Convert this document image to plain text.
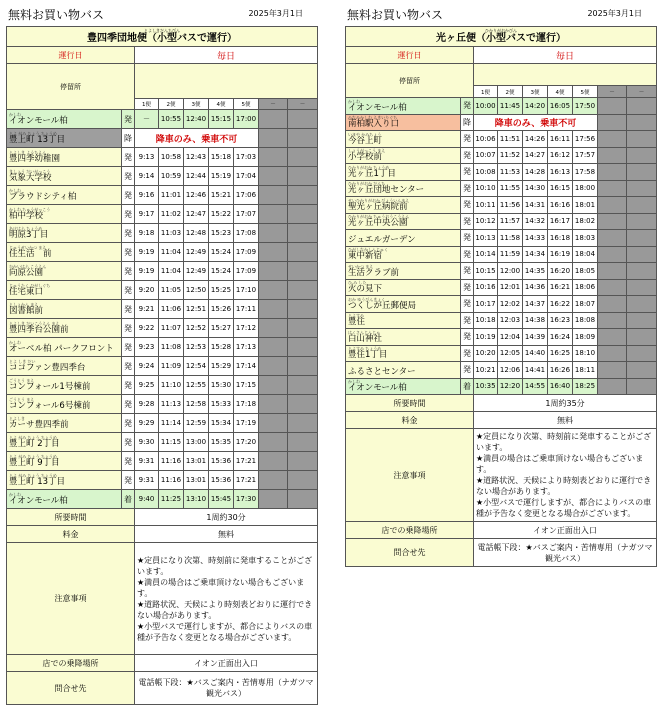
無料お買い物バス	2025年3月1日
とよしきだんちびん
豊四季団地便（小型バスで運行）								
運行日		毎日						
停留所								
		1便	2便	3便	4便	5便	－	－

かしわ
イオンモール柏	発	－	10:55	12:40	15:15	17:00		

とよ がみ ちょう ちょうめ
豊上町 13丁目	降	降車のみ、乗車不可						

とよしき ようちえん
豊四季幼稚園	発	9:13	10:58	12:43	15:18	17:03		

きしょう だいがっこう
気象大学校	発	9:14	10:59	12:44	15:19	17:04		

かしわ
ブラウドシティ柏	発	9:16	11:01	12:46	15:21	17:06		

かしわ ちゅうがっこう
柏中学校	発	9:17	11:02	12:47	15:22	17:07		

あけはら ちょうめ
明原3丁目	発	9:18	11:03	12:48	15:23	17:08		

じゅうせいかつ まえ
住生活　前	発	9:19	11:04	12:49	15:24	17:09		

むかいはら こうえん
向原公園	発	9:19	11:04	12:49	15:24	17:09		

じゅうたく ひがしぐち
住宅東口	発	9:20	11:05	12:50	15:25	17:10		

としょかん まえ
図書館前	発	9:21	11:06	12:51	15:26	17:11		

とよしき だいこうえん まえ
豊四季台公園前	発	9:22	11:07	12:52	15:27	17:12		

かしわ
オーベル柏 パークフロント	発	9:23	11:08	12:53	15:28	17:13		

とよ しき だい
ココファン豊四季台	発	9:24	11:09	12:54	15:29	17:14		

ごうとう まえ
コンフォール1号棟前	発	9:25	11:10	12:55	15:30	17:15		

ごうとう まえ
コンフォール6号棟前	発	9:28	11:13	12:58	15:33	17:18		

とよしき
カーサ豊四季前	発	9:29	11:14	12:59	15:34	17:19		

とよ がみ ちょう ちょうめ
豊上町 2丁目	発	9:30	11:15	13:00	15:35	17:20		

とよ がみ ちょう ちょうめ
豊上町 9丁目	発	9:31	11:16	13:01	15:36	17:21		

とよ がみ ちょう ちょうめ
豊上町 13丁目	発	9:31	11:16	13:01	15:36	17:21		

かしわ
イオンモール柏	着	9:40	11:25	13:10	15:45	17:30		
所要時間		1周約30分						
料金		無料						
注意事項		★定員になり次第、時刻前に発車することがございます。
★満員の場合はご乗車頂けない場合もございます。
★道路状況、天候により時刻表どおりに運行できない場合があります。
★小型バスで運行しますが、都合によりバスの車種が予告なく変更となる場合がございます。						

店での乗降場所		イオン正面出入口						
問合せ先		電話帳下段：★バスご案内・苦情専用（ナガツマ観光バス）						
無料お買い物バス	2025年3月1日
ひかりがおかびん
光ヶ丘便（小型バスで運行）								
運行日		毎日						
停留所								
		1便	2便	3便	4便	5便	－	－

かしわ
イオンモール柏	発	10:00	11:45	14:20	16:05	17:50		

みなみかしわ えきいりぐち
南柏駅入り口	降	降車のみ、乗車不可						

いまや かみちょう
今谷上町	発	10:06	11:51	14:26	16:11	17:56		

しょうがっこう まえ
小学校前	発	10:07	11:52	14:27	16:12	17:57		

ひかりがおか ちょうめ
光ヶ丘1丁目	発	10:08	11:53	14:28	16:13	17:58		

ひかりがおか だんち
光ヶ丘団地センター	発	10:10	11:55	14:30	16:15	18:00		

せいひかりがおか びょういんまえ
聖光ヶ丘病院前	発	10:11	11:56	14:31	16:16	18:01		

ひかりがおか ちゅうおうこうえん
光ヶ丘中央公園	発	10:12	11:57	14:32	16:17	18:02		

ジュエルガーデン	発	10:13	11:58	14:33	16:18	18:03		

ひがしなかしんじゅく
東中新宿	発	10:14	11:59	14:34	16:19	18:04		

せいかつ まえ
生活クラブ前	発	10:15	12:00	14:35	16:20	18:05		

ひ み した
火の見下	発	10:16	12:01	14:36	16:21	18:06		

おか ゆうびんきょく
つくしが丘郵便局	発	10:17	12:02	14:37	16:22	18:07		

とよすみ
豊住	発	10:18	12:03	14:38	16:23	18:08		

はくさんじんじゃ
白山神社	発	10:19	12:04	14:39	16:24	18:09		

とよすみ ちょうめ
豊住1丁目	発	10:20	12:05	14:40	16:25	18:10		

ふるさとセンター	発	10:21	12:06	14:41	16:26	18:11		

かしわ
イオンモール柏	着	10:35	12:20	14:55	16:40	18:25		
所要時間		1周約35分						
料金		無料						
注意事項		★定員になり次第、時刻前に発車することがございます。
★満員の場合はご乗車頂けない場合もございます。
★道路状況、天候により時刻表どおりに運行できない場合があります。
★小型バスで運行しますが、都合によりバスの車種が予告なく変更となる場合がございます。						

店での乗降場所		イオン正面出入口						
問合せ先		電話帳下段：★バスご案内・苦情専用（ナガツマ観光バス）						
